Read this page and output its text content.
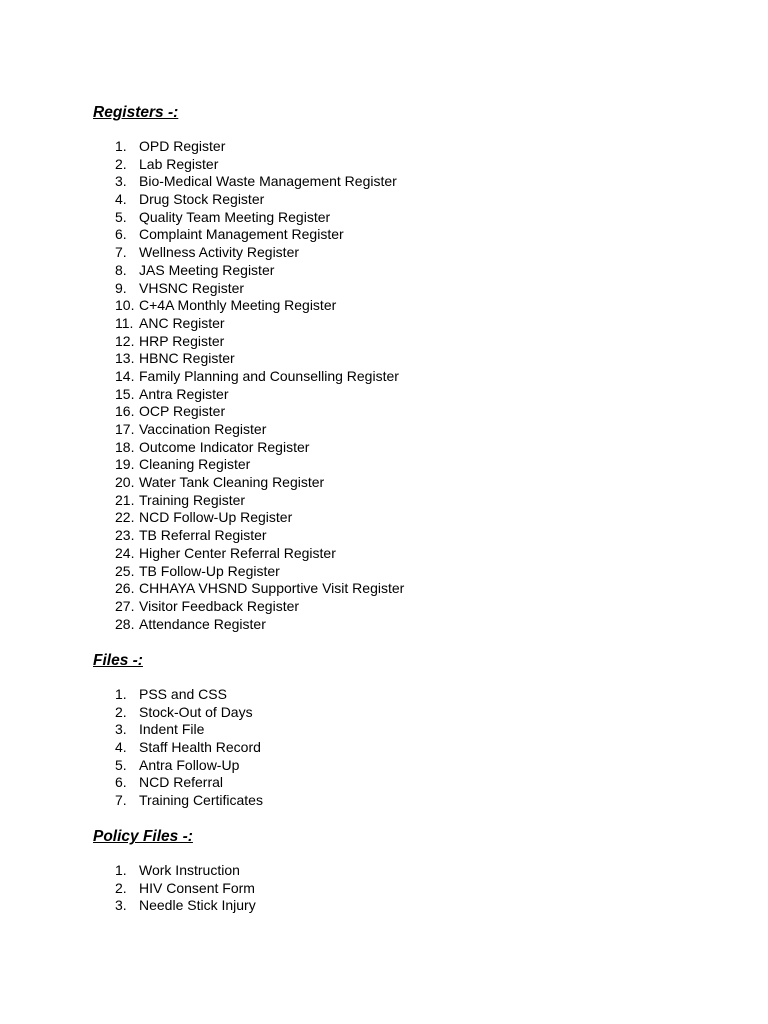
Registers -:
1. OPD Register
2. Lab Register
3. Bio-Medical Waste Management Register
4. Drug Stock Register
5. Quality Team Meeting Register
6. Complaint Management Register
7. Wellness Activity Register
8. JAS Meeting Register
9. VHSNC Register
10. C+4A Monthly Meeting Register
11. ANC Register
12. HRP Register
13. HBNC Register
14. Family Planning and Counselling Register
15. Antra Register
16. OCP Register
17. Vaccination Register
18. Outcome Indicator Register
19. Cleaning Register
20. Water Tank Cleaning Register
21. Training Register
22. NCD Follow-Up Register
23. TB Referral Register
24. Higher Center Referral Register
25. TB Follow-Up Register
26. CHHAYA VHSND Supportive Visit Register
27. Visitor Feedback Register
28. Attendance Register
Files -:
1. PSS and CSS
2. Stock-Out of Days
3. Indent File
4. Staff Health Record
5. Antra Follow-Up
6. NCD Referral
7. Training Certificates
Policy Files -:
1. Work Instruction
2. HIV Consent Form
3. Needle Stick Injury
